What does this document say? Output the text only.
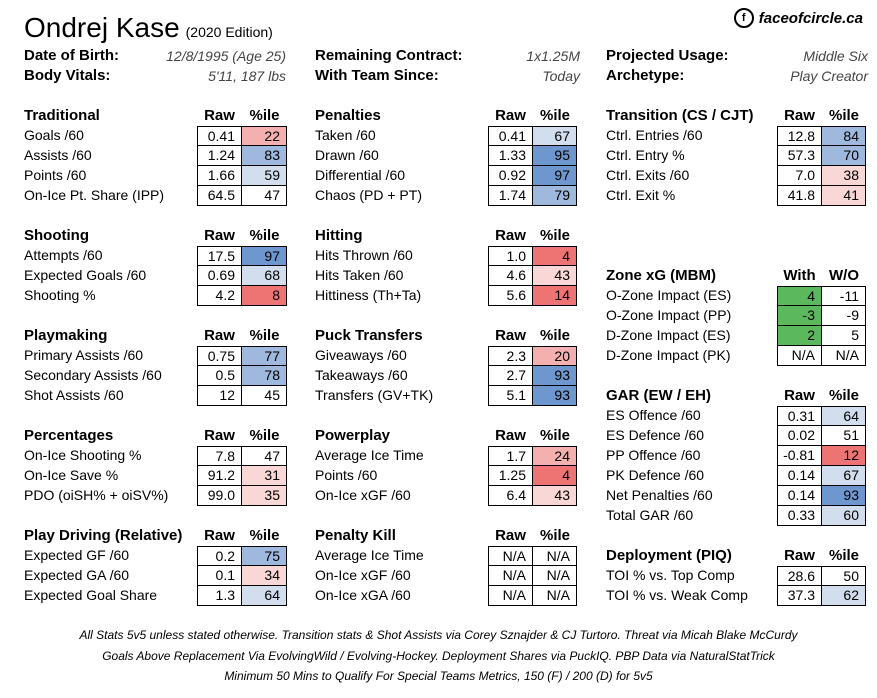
Ondrej Kase (2020 Edition)
f faceofcircle.ca
Date of Birth:	12/8/1995 (Age 25)
Body Vitals:	5'11, 187 lbs
Remaining Contract:	1x1.25M
With Team Since:	Today
Projected Usage:	Middle Six
Archetype:	Play Creator
Traditional	Raw %ile
Goals /60	0.41	22
Assists /60	1.24	83
Points /60	1.66	59
On-Ice Pt. Share (IPP)	64.5	47
Shooting	Raw %ile
Attempts /60	17.5	97
Expected Goals /60	0.69	68
Shooting %	4.2	8
Playmaking	Raw %ile
Primary Assists /60	0.75	77
Secondary Assists /60	0.5	78
Shot Assists /60	12	45
Percentages	Raw %ile
On-Ice Shooting %	7.8	47
On-Ice Save %	91.2	31
PDO (oiSH% + oiSV%)	99.0	35
Play Driving (Relative)	Raw %ile
Expected GF /60	0.2	75
Expected GA /60	0.1	34
Expected Goal Share	1.3	64
Penalties	Raw %ile
Taken /60	0.41	67
Drawn /60	1.33	95
Differential /60	0.92	97
Chaos (PD + PT)	1.74	79
Hitting	Raw %ile
Hits Thrown /60	1.0	4
Hits Taken /60	4.6	43
Hittiness (Th+Ta)	5.6	14
Puck Transfers	Raw %ile
Giveaways /60	2.3	20
Takeaways /60	2.7	93
Transfers (GV+TK)	5.1	93
Powerplay	Raw %ile
Average Ice Time	1.7	24
Points /60	1.25	4
On-Ice xGF /60	6.4	43
Penalty Kill	Raw %ile
Average Ice Time	N/A	N/A
On-Ice xGF /60	N/A	N/A
On-Ice xGA /60	N/A	N/A
Transition (CS / CJT)	Raw %ile
Ctrl. Entries /60	12.8	84
Ctrl. Entry %	57.3	70
Ctrl. Exits /60	7.0	38
Ctrl. Exit %	41.8	41
Zone xG (MBM)	With W/O
O-Zone Impact (ES)	4	-11
O-Zone Impact (PP)	-3	-9
D-Zone Impact (ES)	2	5
D-Zone Impact (PK)	N/A	N/A
GAR (EW / EH)	Raw %ile
ES Offence /60	0.31	64
ES Defence /60	0.02	51
PP Offence /60	-0.81	12
PK Defence /60	0.14	67
Net Penalties /60	0.14	93
Total GAR /60	0.33	60
Deployment (PIQ)	Raw %ile
TOI % vs. Top Comp	28.6	50
TOI % vs. Weak Comp	37.3	62
All Stats 5v5 unless stated otherwise. Transition stats & Shot Assists via Corey Sznajder & CJ Turtoro. Threat via Micah Blake McCurdy
Goals Above Replacement Via EvolvingWild / Evolving-Hockey. Deployment Shares via PuckIQ. PBP Data via NaturalStatTrick
Minimum 50 Mins to Qualify For Special Teams Metrics, 150 (F) / 200 (D) for 5v5
